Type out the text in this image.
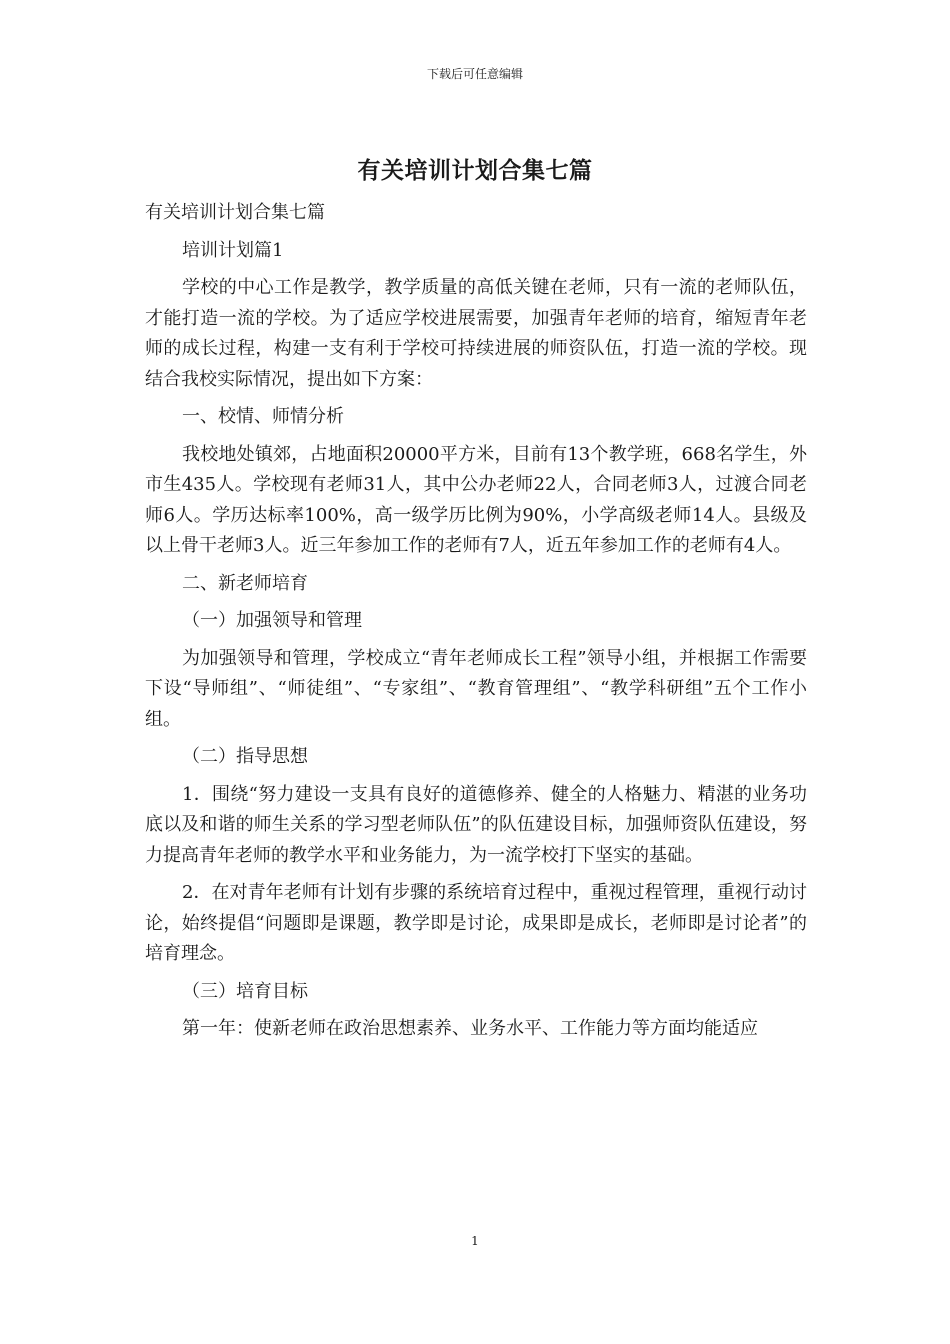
下载后可任意编辑
有关培训计划合集七篇

有关培训计划合集七篇

培训计划篇1

学校的中心工作是教学，教学质量的高低关键在老师，只有一流的老师队伍，才能打造一流的学校。为了适应学校进展需要，加强青年老师的培育，缩短青年老师的成长过程，构建一支有利于学校可持续进展的师资队伍，打造一流的学校。现结合我校实际情况，提出如下方案：

一、校情、师情分析

我校地处镇郊，占地面积20000平方米，目前有13个教学班，668名学生，外市生435人。学校现有老师31人，其中公办老师22人，合同老师3人，过渡合同老师6人。学历达标率100%，高一级学历比例为90%，小学高级老师14人。县级及以上骨干老师3人。近三年参加工作的老师有7人，近五年参加工作的老师有4人。

二、新老师培育

（一）加强领导和管理

为加强领导和管理，学校成立“青年老师成长工程”领导小组，并根据工作需要下设“导师组”、“师徒组”、“专家组”、“教育管理组”、“教学科研组”五个工作小组。

（二）指导思想

1．围绕“努力建设一支具有良好的道德修养、健全的人格魅力、精湛的业务功底以及和谐的师生关系的学习型老师队伍”的队伍建设目标，加强师资队伍建设，努力提高青年老师的教学水平和业务能力，为一流学校打下坚实的基础。

2．在对青年老师有计划有步骤的系统培育过程中，重视过程管理，重视行动讨论，始终提倡“问题即是课题，教学即是讨论，成果即是成长，老师即是讨论者”的培育理念。

（三）培育目标

第一年：使新老师在政治思想素养、业务水平、工作能力等方面均能适应

1
